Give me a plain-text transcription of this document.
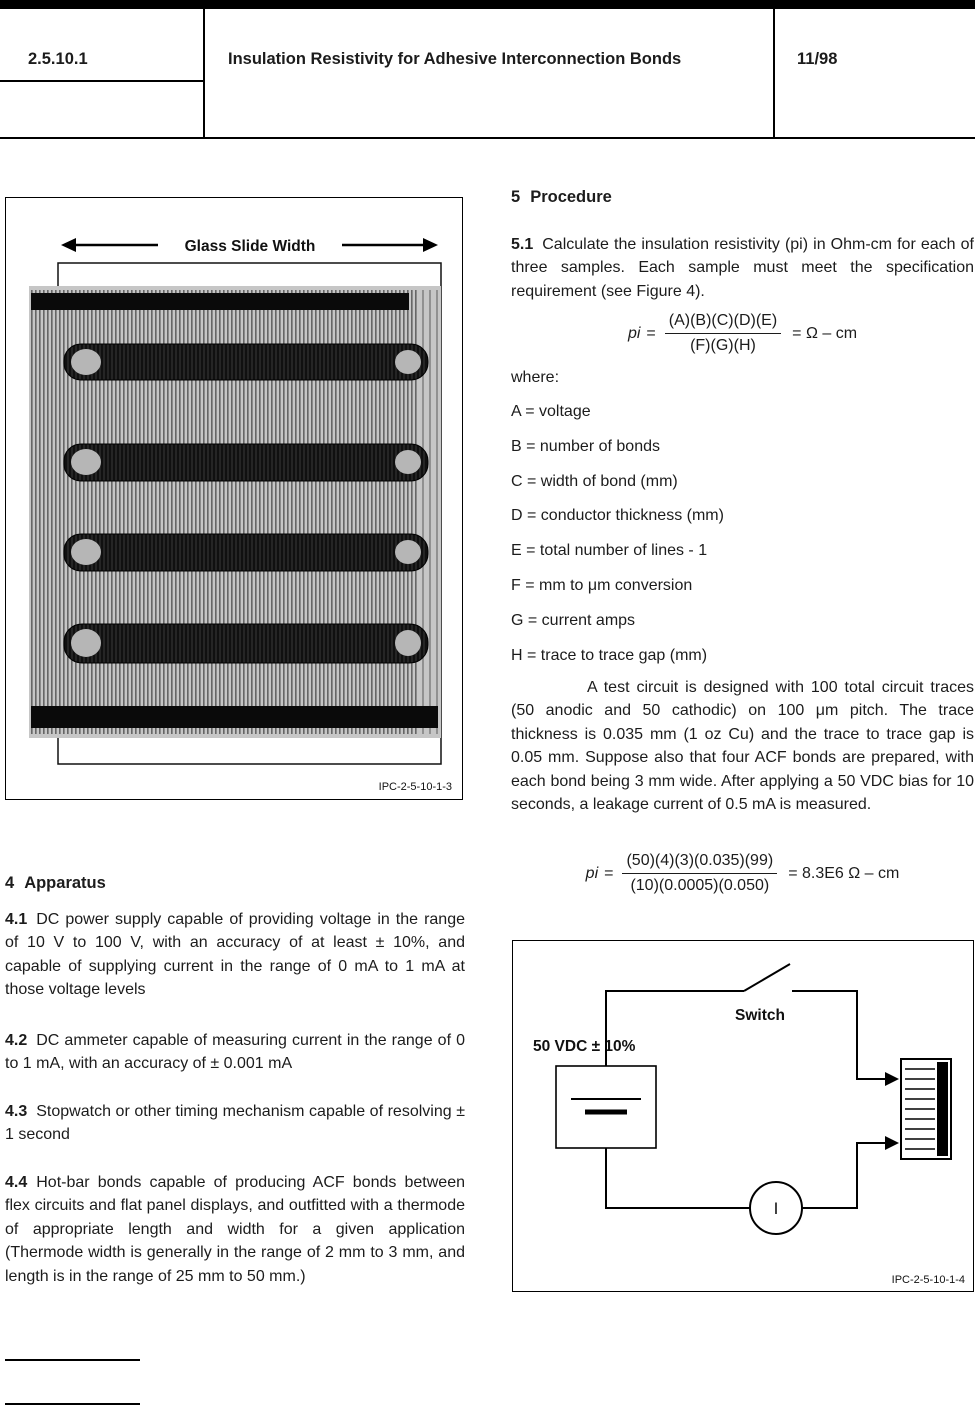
2.5.10.1	Insulation Resistivity for Adhesive Interconnection Bonds	11/98
Glass Slide Width
IPC-2-5-10-1-3
4 Apparatus

4.1 DC power supply capable of providing voltage in the range of 10 V to 100 V, with an accuracy of at least ± 10%, and capable of supplying current in the range of 0 mA to 1 mA at those voltage levels

4.2 DC ammeter capable of measuring current in the range of 0 to 1 mA, with an accuracy of ± 0.001 mA

4.3 Stopwatch or other timing mechanism capable of resolving ± 1 second

4.4 Hot-bar bonds capable of producing ACF bonds between flex circuits and flat panel displays, and outfitted with a thermode of appropriate length and width for a given application (Thermode width is generally in the range of 2 mm to 3 mm, and length is in the range of 25 mm to 50 mm.)

5 Procedure

5.1 Calculate the insulation resistivity (pi) in Ohm-cm for each of three samples. Each sample must meet the specification requirement (see Figure 4).

pi = $\frac{(A)(B)(C)(D)(E)}{(F)(G)(H)} = \Omega$ – cm
where:
A = voltage
B = number of bonds
C = width of bond (mm)
D = conductor thickness (mm)
E = total number of lines - 1
F = mm to μm conversion
G = current amps
H = trace to trace gap (mm)

A test circuit is designed with 100 total circuit traces (50 anodic and 50 cathodic) on 100 μm pitch. The trace thickness is 0.035 mm (1 oz Cu) and the trace to trace gap is 0.05 mm. Suppose also that four ACF bonds are prepared, with each bond being 3 mm wide. After applying a 50 VDC bias for 10 seconds, a leakage current of 0.5 mA is measured.

pi = $\frac{(50)(4)(3)(0.035)(99)}{(10)(0.0005)(0.050)} = 8.3E6$ Ω – cm
50 VDC ± 10%
Switch
I
IPC-2-5-10-1-4
